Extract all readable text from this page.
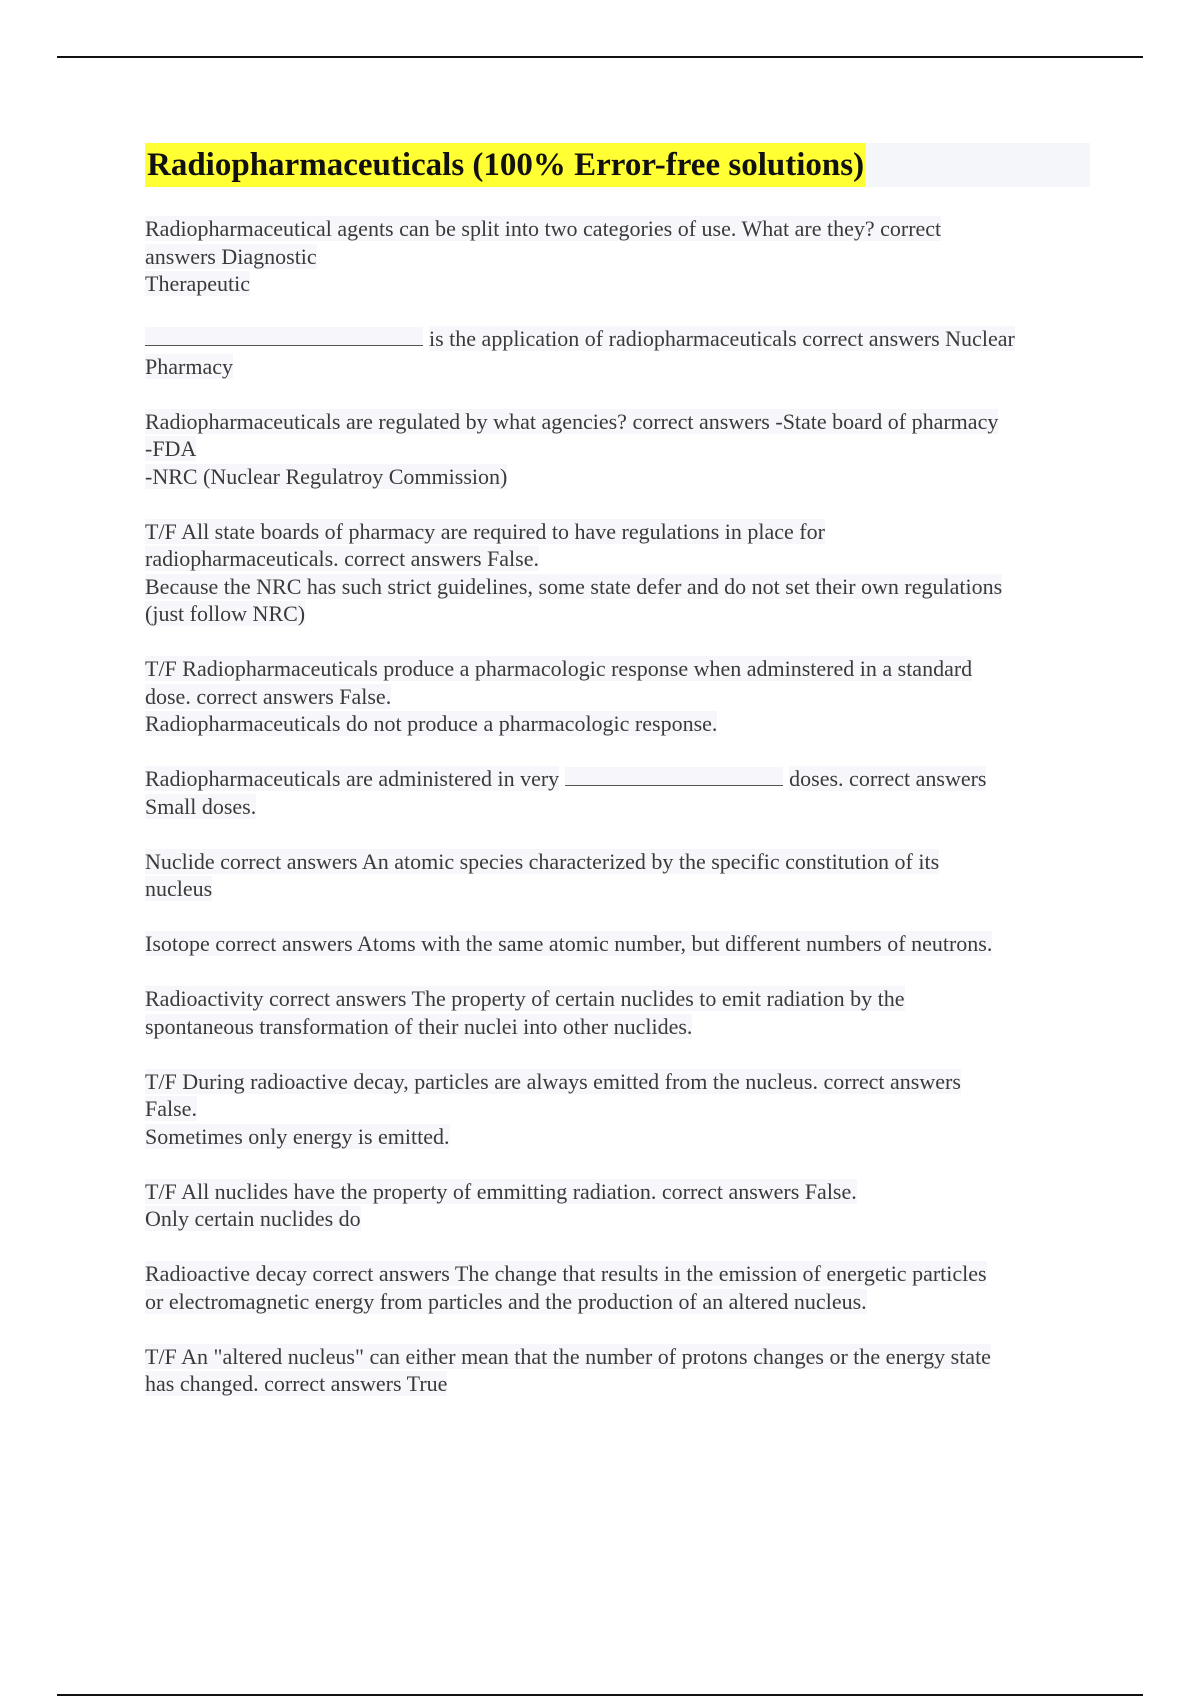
Radiopharmaceuticals (100% Error-free solutions)
Radiopharmaceutical agents can be split into two categories of use. What are they? correct
answers Diagnostic
Therapeutic
is the application of radiopharmaceuticals correct answers Nuclear
Pharmacy
Radiopharmaceuticals are regulated by what agencies? correct answers -State board of pharmacy
-FDA
-NRC (Nuclear Regulatroy Commission)
T/F All state boards of pharmacy are required to have regulations in place for
radiopharmaceuticals. correct answers False.
Because the NRC has such strict guidelines, some state defer and do not set their own regulations
(just follow NRC)
T/F Radiopharmaceuticals produce a pharmacologic response when adminstered in a standard
dose. correct answers False.
Radiopharmaceuticals do not produce a pharmacologic response.
Radiopharmaceuticals are administered in very	doses. correct answers
Small doses.
Nuclide correct answers An atomic species characterized by the specific constitution of its
nucleus
Isotope correct answers Atoms with the same atomic number, but different numbers of neutrons.
Radioactivity correct answers The property of certain nuclides to emit radiation by the
spontaneous transformation of their nuclei into other nuclides.
T/F During radioactive decay, particles are always emitted from the nucleus. correct answers
False.
Sometimes only energy is emitted.
T/F All nuclides have the property of emmitting radiation. correct answers False.
Only certain nuclides do
Radioactive decay correct answers The change that results in the emission of energetic particles
or electromagnetic energy from particles and the production of an altered nucleus.
T/F An "altered nucleus" can either mean that the number of protons changes or the energy state
has changed. correct answers True
